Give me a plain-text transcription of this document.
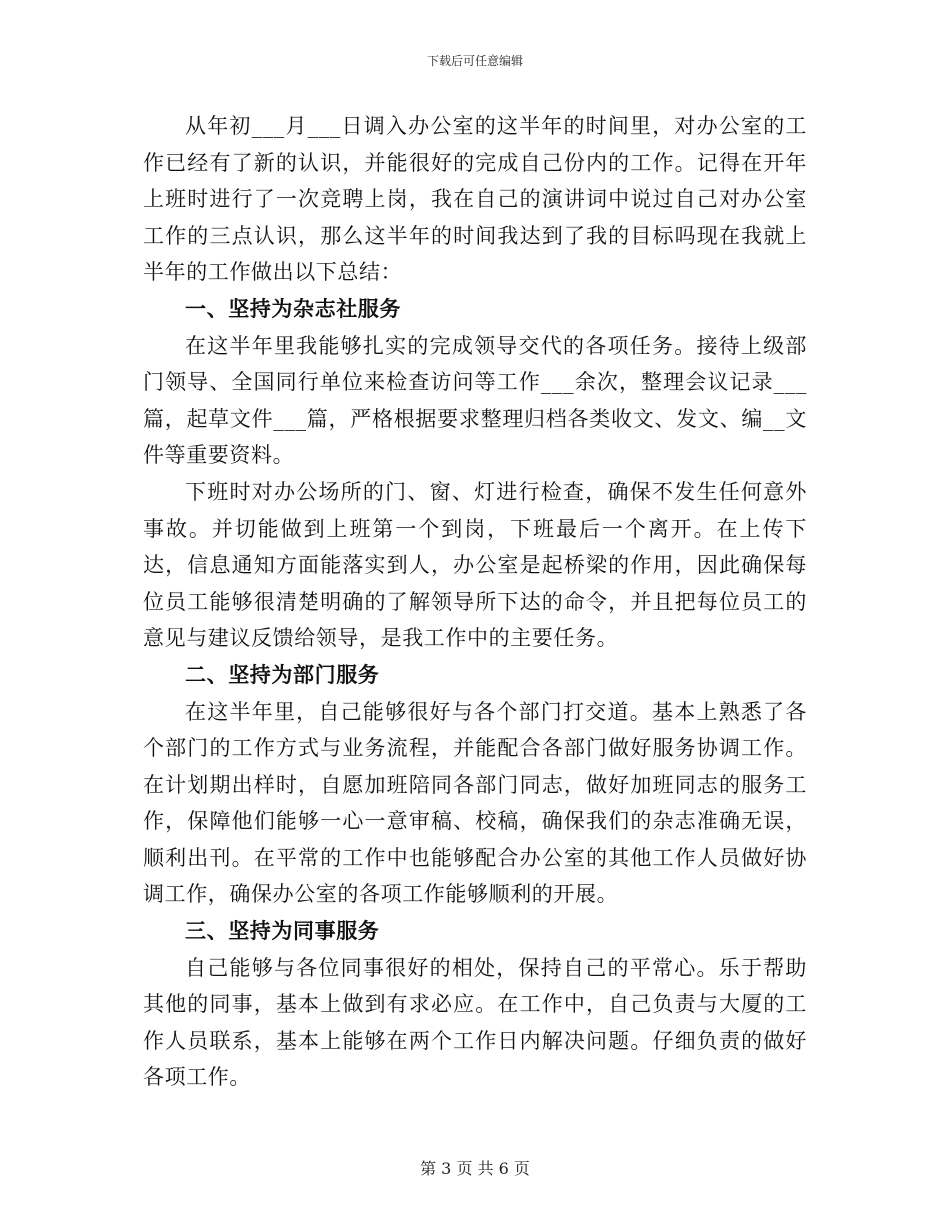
下载后可任意编辑

从年初___月___日调入办公室的这半年的时间里，对办公室的工作已经有了新的认识，并能很好的完成自己份内的工作。记得在开年上班时进行了一次竞聘上岗，我在自己的演讲词中说过自己对办公室工作的三点认识，那么这半年的时间我达到了我的目标吗现在我就上半年的工作做出以下总结：

一、坚持为杂志社服务

在这半年里我能够扎实的完成领导交代的各项任务。接待上级部门领导、全国同行单位来检查访问等工作___余次，整理会议记录___篇，起草文件___篇，严格根据要求整理归档各类收文、发文、编__文件等重要资料。

下班时对办公场所的门、窗、灯进行检查，确保不发生任何意外事故。并切能做到上班第一个到岗，下班最后一个离开。在上传下达，信息通知方面能落实到人，办公室是起桥梁的作用，因此确保每位员工能够很清楚明确的了解领导所下达的命令，并且把每位员工的意见与建议反馈给领导，是我工作中的主要任务。

二、坚持为部门服务

在这半年里，自己能够很好与各个部门打交道。基本上熟悉了各个部门的工作方式与业务流程，并能配合各部门做好服务协调工作。在计划期出样时，自愿加班陪同各部门同志，做好加班同志的服务工作，保障他们能够一心一意审稿、校稿，确保我们的杂志准确无误，顺利出刊。在平常的工作中也能够配合办公室的其他工作人员做好协调工作，确保办公室的各项工作能够顺利的开展。

三、坚持为同事服务

自己能够与各位同事很好的相处，保持自己的平常心。乐于帮助其他的同事，基本上做到有求必应。在工作中，自己负责与大厦的工作人员联系，基本上能够在两个工作日内解决问题。仔细负责的做好各项工作。

第 3 页 共 6 页
